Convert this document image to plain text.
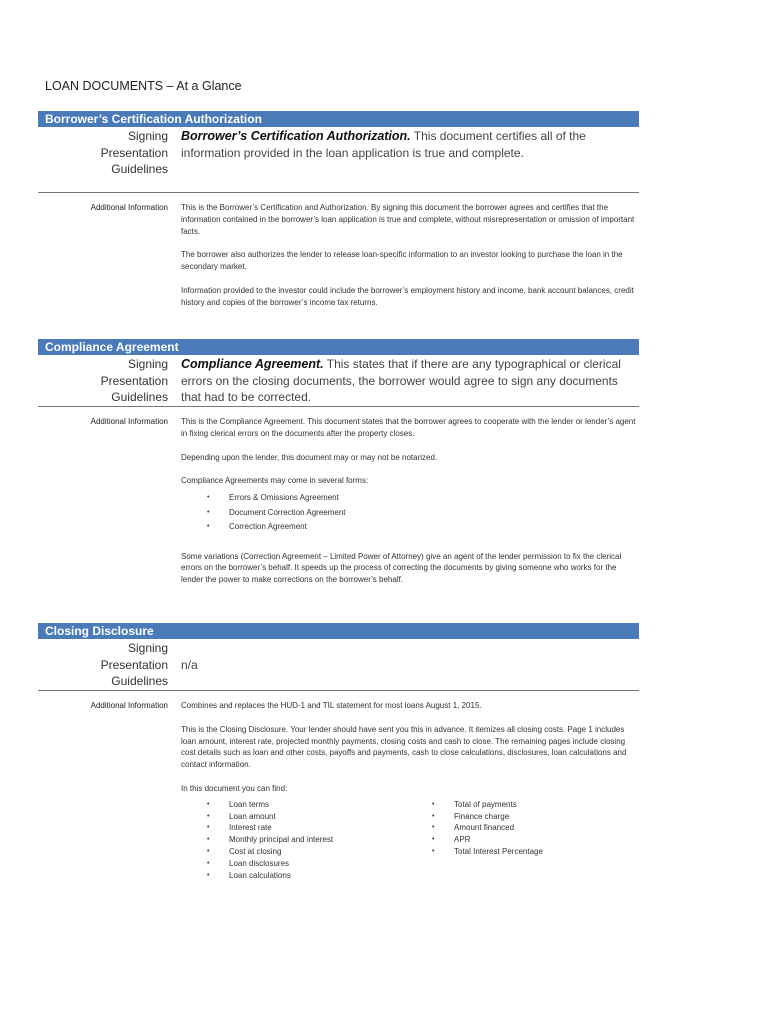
LOAN DOCUMENTS – At a Glance
Borrower’s Certification Authorization
Signing
Presentation
Guidelines
Borrower’s Certification Authorization. This document certifies all of the information provided in the loan application is true and complete.
Additional Information This is the Borrower’s Certification and Authorization. By signing this document the borrower agrees and certifies that the information contained in the borrower’s loan application is true and complete, without misrepresentation or omission of important facts.

The borrower also authorizes the lender to release loan-specific information to an investor looking to purchase the loan in the secondary market.

Information provided to the investor could include the borrower’s employment history and income, bank account balances, credit history and copies of the borrower’s income tax returns.

Compliance Agreement
Signing
Presentation
Guidelines
Compliance Agreement. This states that if there are any typographical or clerical errors on the closing documents, the borrower would agree to sign any documents that had to be corrected.
Additional Information This is the Compliance Agreement. This document states that the borrower agrees to cooperate with the lender or lender’s agent in fixing clerical errors on the documents after the property closes.

Depending upon the lender, this document may or may not be notarized.

Compliance Agreements may come in several forms:

• Errors & Omissions Agreement
• Document Correction Agreement
• Correction Agreement

Some variations (Correction Agreement – Limited Power of Attorney) give an agent of the lender permission to fix the clerical errors on the borrower’s behalf. It speeds up the process of correcting the documents by giving someone who works for the lender the power to make corrections on the borrower’s behalf.

Closing Disclosure
Signing
Presentation
Guidelines
n/a
Additional Information Combines and replaces the HUD-1 and TIL statement for most loans August 1, 2015.

This is the Closing Disclosure. Your lender should have sent you this in advance. It itemizes all closing costs. Page 1 includes loan amount, interest rate, projected monthly payments, closing costs and cash to close. The remaining pages include closing cost details such as loan and other costs, payoffs and payments, cash to close calculations, disclosures, loan calculations and contact information.

In this document you can find:

• Loan terms
• Loan amount
• Interest rate
• Monthly principal and interest
• Cost at closing
• Loan disclosures
• Loan calculations
• Total of payments
• Finance charge
• Amount financed
• APR
• Total Interest Percentage
